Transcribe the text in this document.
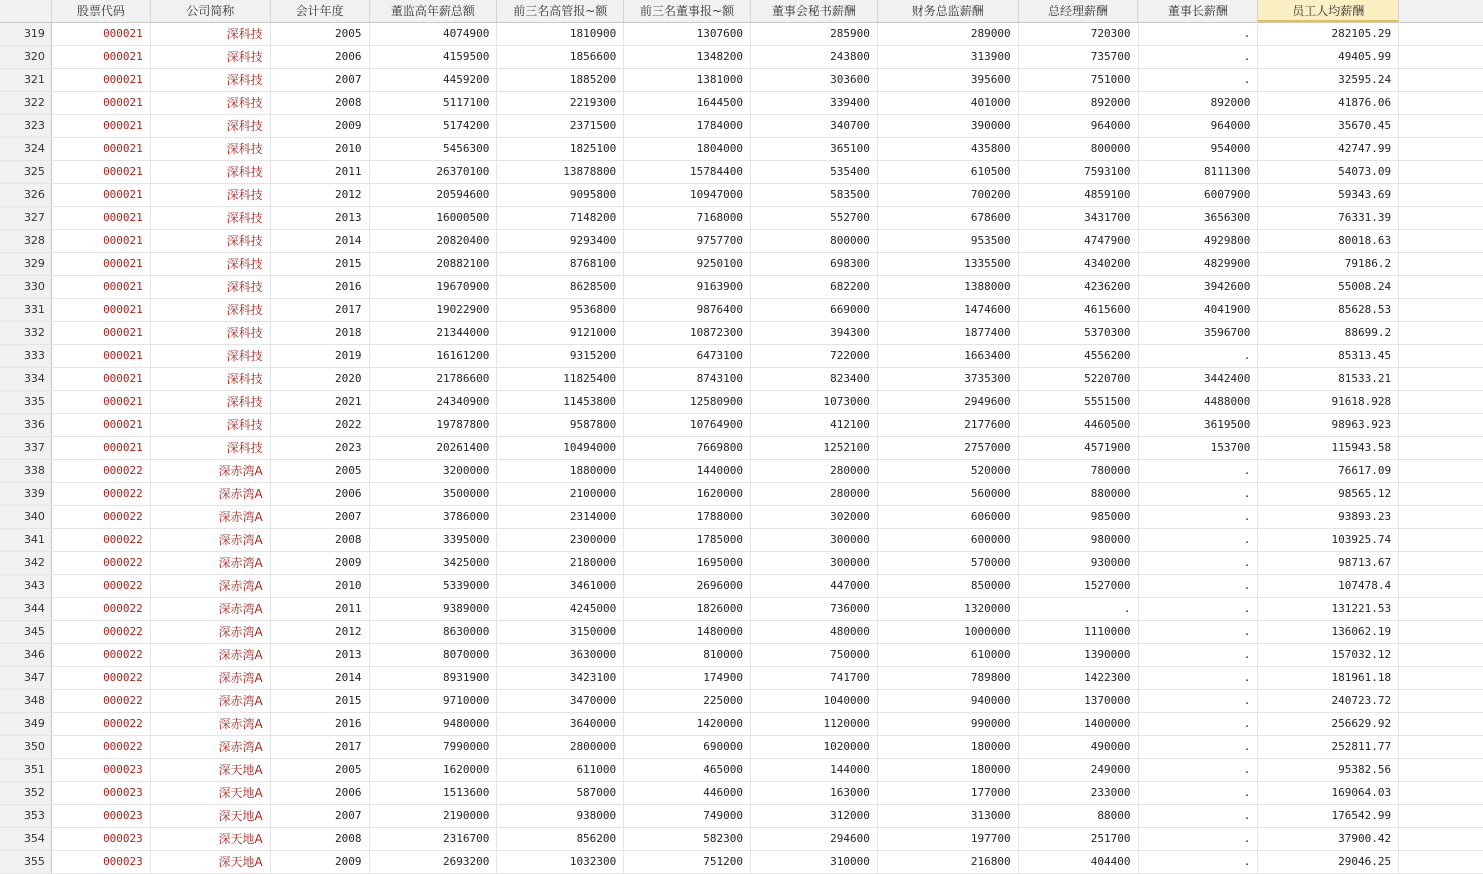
股票代码	公司简称	会计年度	董监高年薪总额	前三名高管报~额	前三名董事报~额	董事会秘书薪酬	财务总监薪酬	总经理薪酬	董事长薪酬	员工人均薪酬
319	000021	深科技	2005	4074900	1810900	1307600	285900	289000	720300	.	282105.29
320	000021	深科技	2006	4159500	1856600	1348200	243800	313900	735700	.	49405.99
321	000021	深科技	2007	4459200	1885200	1381000	303600	395600	751000	.	32595.24
322	000021	深科技	2008	5117100	2219300	1644500	339400	401000	892000	892000	41876.06
323	000021	深科技	2009	5174200	2371500	1784000	340700	390000	964000	964000	35670.45
324	000021	深科技	2010	5456300	1825100	1804000	365100	435800	800000	954000	42747.99
325	000021	深科技	2011	26370100	13878800	15784400	535400	610500	7593100	8111300	54073.09
326	000021	深科技	2012	20594600	9095800	10947000	583500	700200	4859100	6007900	59343.69
327	000021	深科技	2013	16000500	7148200	7168000	552700	678600	3431700	3656300	76331.39
328	000021	深科技	2014	20820400	9293400	9757700	800000	953500	4747900	4929800	80018.63
329	000021	深科技	2015	20882100	8768100	9250100	698300	1335500	4340200	4829900	79186.2
330	000021	深科技	2016	19670900	8628500	9163900	682200	1388000	4236200	3942600	55008.24
331	000021	深科技	2017	19022900	9536800	9876400	669000	1474600	4615600	4041900	85628.53
332	000021	深科技	2018	21344000	9121000	10872300	394300	1877400	5370300	3596700	88699.2
333	000021	深科技	2019	16161200	9315200	6473100	722000	1663400	4556200	.	85313.45
334	000021	深科技	2020	21786600	11825400	8743100	823400	3735300	5220700	3442400	81533.21
335	000021	深科技	2021	24340900	11453800	12580900	1073000	2949600	5551500	4488000	91618.928
336	000021	深科技	2022	19787800	9587800	10764900	412100	2177600	4460500	3619500	98963.923
337	000021	深科技	2023	20261400	10494000	7669800	1252100	2757000	4571900	153700	115943.58
338	000022	深赤湾A	2005	3200000	1880000	1440000	280000	520000	780000	.	76617.09
339	000022	深赤湾A	2006	3500000	2100000	1620000	280000	560000	880000	.	98565.12
340	000022	深赤湾A	2007	3786000	2314000	1788000	302000	606000	985000	.	93893.23
341	000022	深赤湾A	2008	3395000	2300000	1785000	300000	600000	980000	.	103925.74
342	000022	深赤湾A	2009	3425000	2180000	1695000	300000	570000	930000	.	98713.67
343	000022	深赤湾A	2010	5339000	3461000	2696000	447000	850000	1527000	.	107478.4
344	000022	深赤湾A	2011	9389000	4245000	1826000	736000	1320000	.	.	131221.53
345	000022	深赤湾A	2012	8630000	3150000	1480000	480000	1000000	1110000	.	136062.19
346	000022	深赤湾A	2013	8070000	3630000	810000	750000	610000	1390000	.	157032.12
347	000022	深赤湾A	2014	8931900	3423100	174900	741700	789800	1422300	.	181961.18
348	000022	深赤湾A	2015	9710000	3470000	225000	1040000	940000	1370000	.	240723.72
349	000022	深赤湾A	2016	9480000	3640000	1420000	1120000	990000	1400000	.	256629.92
350	000022	深赤湾A	2017	7990000	2800000	690000	1020000	180000	490000	.	252811.77
351	000023	深天地A	2005	1620000	611000	465000	144000	180000	249000	.	95382.56
352	000023	深天地A	2006	1513600	587000	446000	163000	177000	233000	.	169064.03
353	000023	深天地A	2007	2190000	938000	749000	312000	313000	88000	.	176542.99
354	000023	深天地A	2008	2316700	856200	582300	294600	197700	251700	.	37900.42
355	000023	深天地A	2009	2693200	1032300	751200	310000	216800	404400	.	29046.25
